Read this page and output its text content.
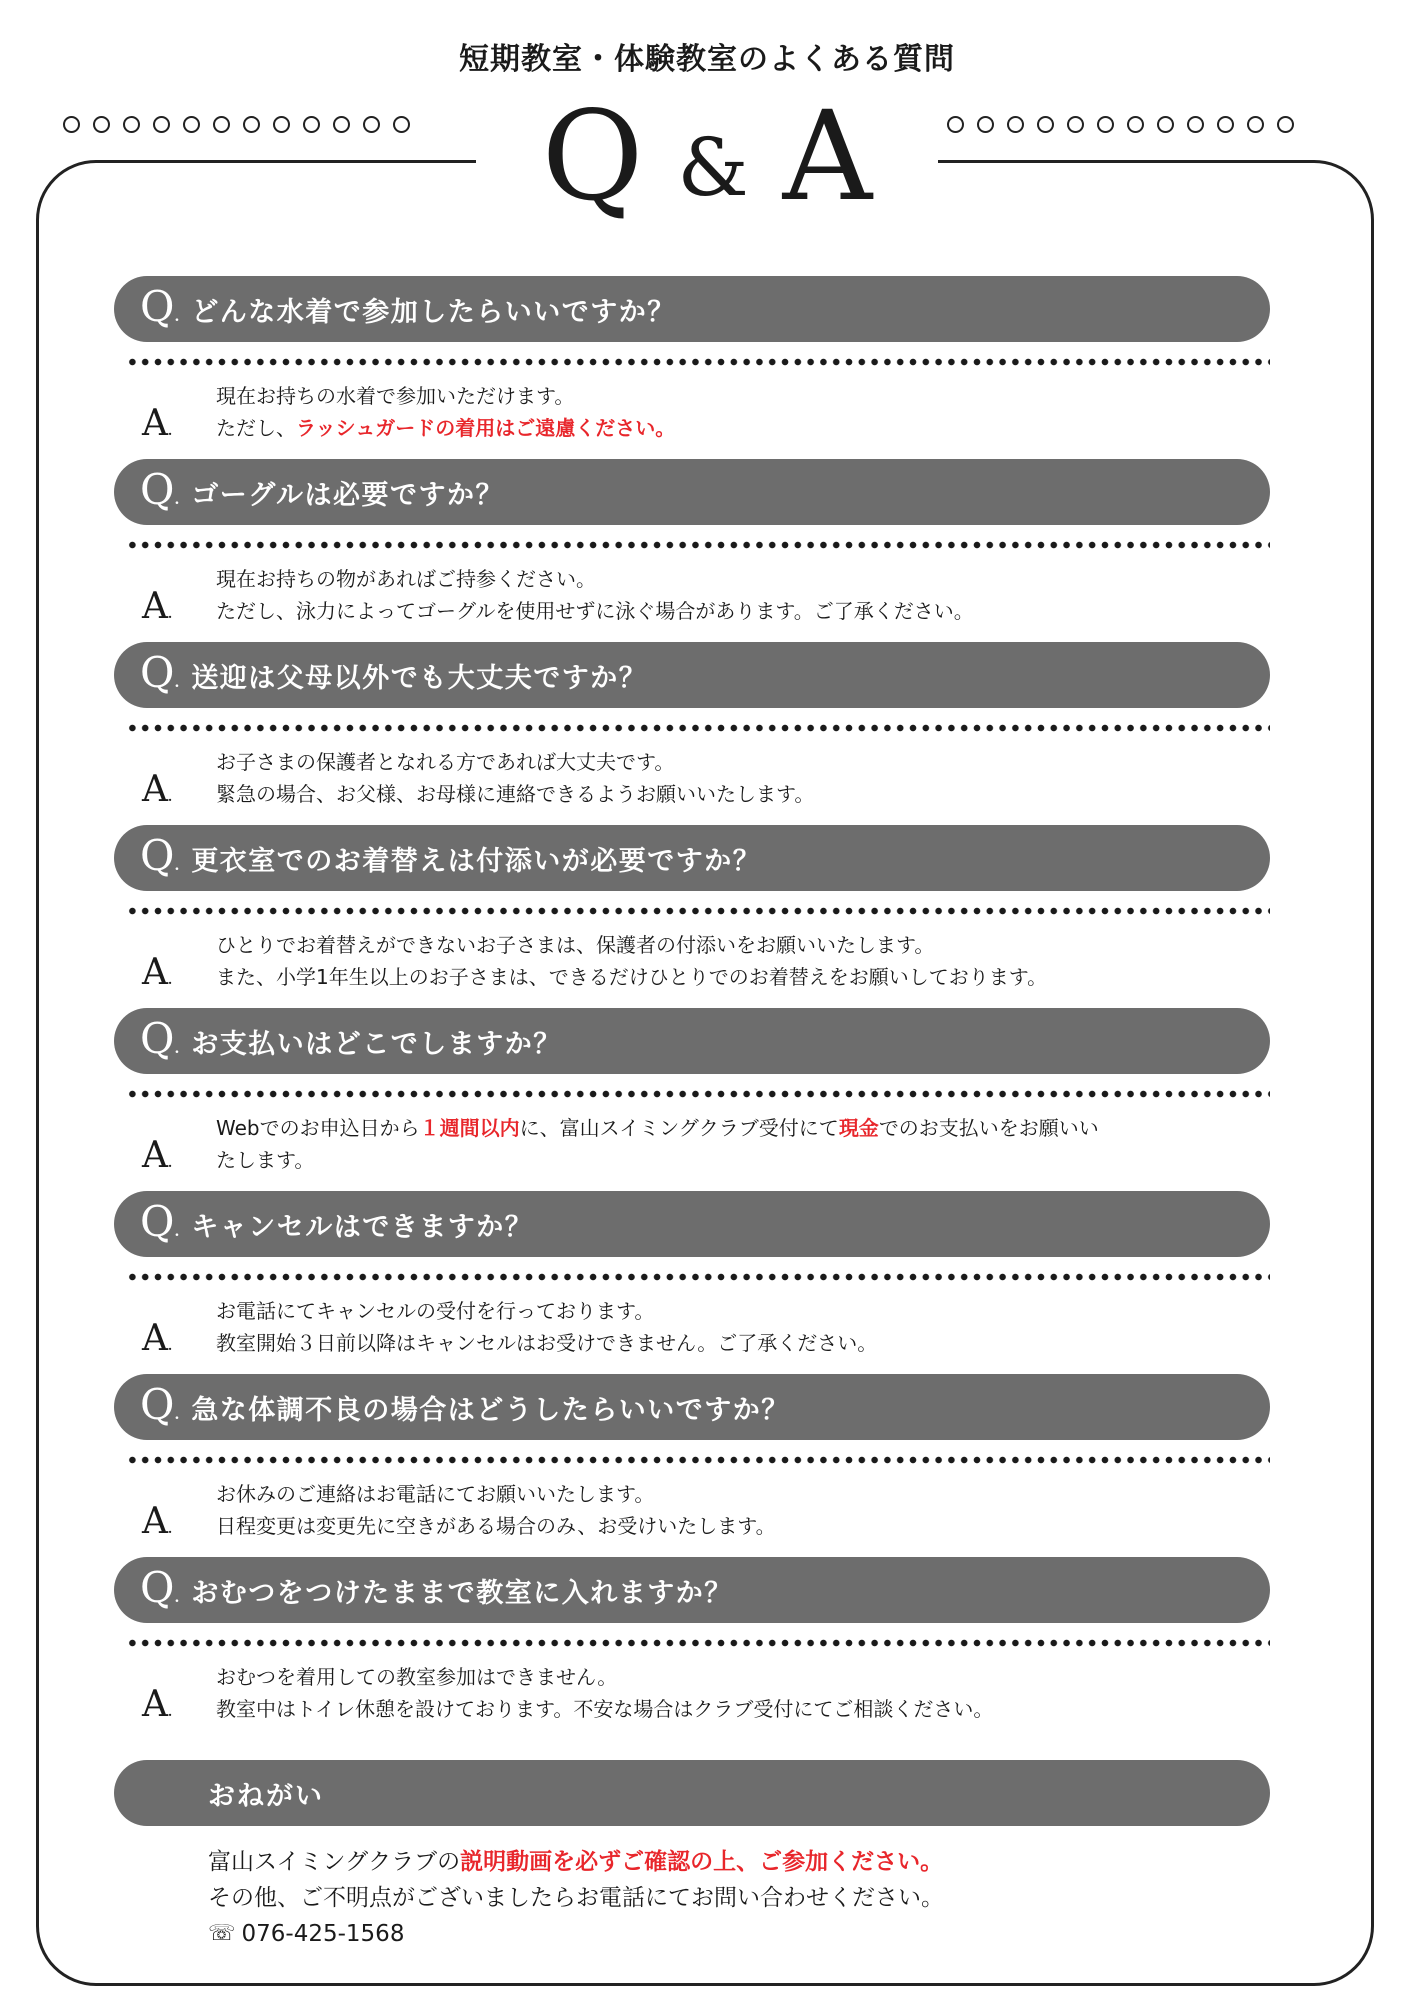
短期教室・体験教室のよくある質問
Q & A
Q. どんな水着で参加したらいいですか？
A.
現在お持ちの水着で参加いただけます。
ただし、ラッシュガードの着用はご遠慮ください。
Q. ゴーグルは必要ですか？
A.
現在お持ちの物があればご持参ください。
ただし、泳力によってゴーグルを使用せずに泳ぐ場合があります。ご了承ください。
Q. 送迎は父母以外でも大丈夫ですか？
A.
お子さまの保護者となれる方であれば大丈夫です。
緊急の場合、お父様、お母様に連絡できるようお願いいたします。
Q. 更衣室でのお着替えは付添いが必要ですか？
A.
ひとりでお着替えができないお子さまは、保護者の付添いをお願いいたします。
また、小学1年生以上のお子さまは、できるだけひとりでのお着替えをお願いしております。
Q. お支払いはどこでしますか？
A.
Webでのお申込日から１週間以内に、富山スイミングクラブ受付にて現金でのお支払いをお願いい
たします。
Q. キャンセルはできますか？
A.
お電話にてキャンセルの受付を行っております。
教室開始３日前以降はキャンセルはお受けできません。ご了承ください。
Q. 急な体調不良の場合はどうしたらいいですか？
A.
お休みのご連絡はお電話にてお願いいたします。
日程変更は変更先に空きがある場合のみ、お受けいたします。
Q. おむつをつけたままで教室に入れますか？
A.
おむつを着用しての教室参加はできません。
教室中はトイレ休憩を設けております。不安な場合はクラブ受付にてご相談ください。
おねがい
富山スイミングクラブの説明動画を必ずご確認の上、ご参加ください。
その他、ご不明点がございましたらお電話にてお問い合わせください。
☏ 076-425-1568
